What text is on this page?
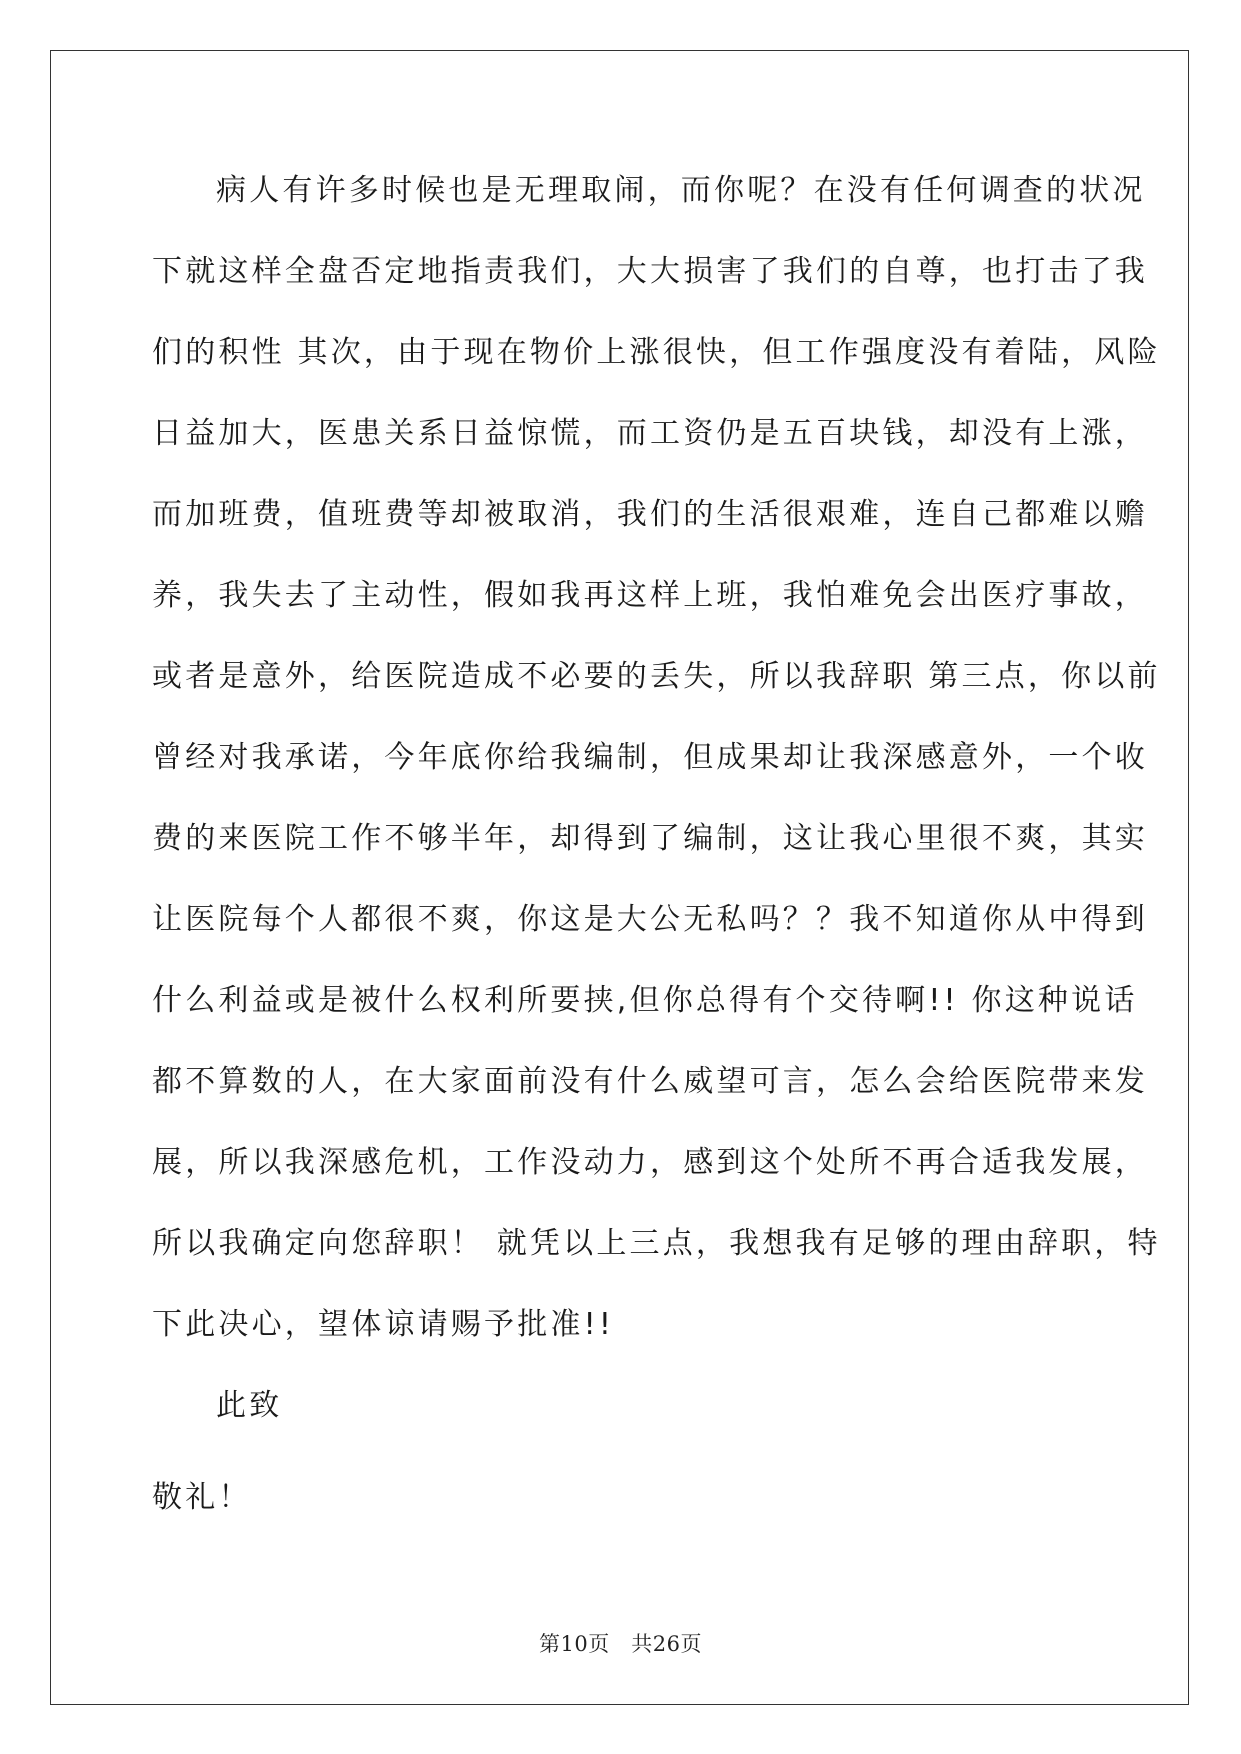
病人有许多时候也是无理取闹，而你呢？在没有任何调查的状况
下就这样全盘否定地指责我们，大大损害了我们的自尊，也打击了我
们的积性 其次，由于现在物价上涨很快，但工作强度没有着陆，风险
日益加大，医患关系日益惊慌，而工资仍是五百块钱，却没有上涨，
而加班费，值班费等却被取消，我们的生活很艰难，连自己都难以赡
养，我失去了主动性，假如我再这样上班，我怕难免会出医疗事故，
或者是意外，给医院造成不必要的丢失，所以我辞职 第三点，你以前
曾经对我承诺，今年底你给我编制，但成果却让我深感意外，一个收
费的来医院工作不够半年，却得到了编制，这让我心里很不爽，其实
让医院每个人都很不爽，你这是大公无私吗？？我不知道你从中得到
什么利益或是被什么权利所要挟,但你总得有个交待啊!! 你这种说话
都不算数的人，在大家面前没有什么威望可言，怎么会给医院带来发
展，所以我深感危机，工作没动力，感到这个处所不再合适我发展，
所以我确定向您辞职！ 就凭以上三点，我想我有足够的理由辞职，特
下此决心，望体谅请赐予批准!!
此致
敬礼！
第10页　共26页
